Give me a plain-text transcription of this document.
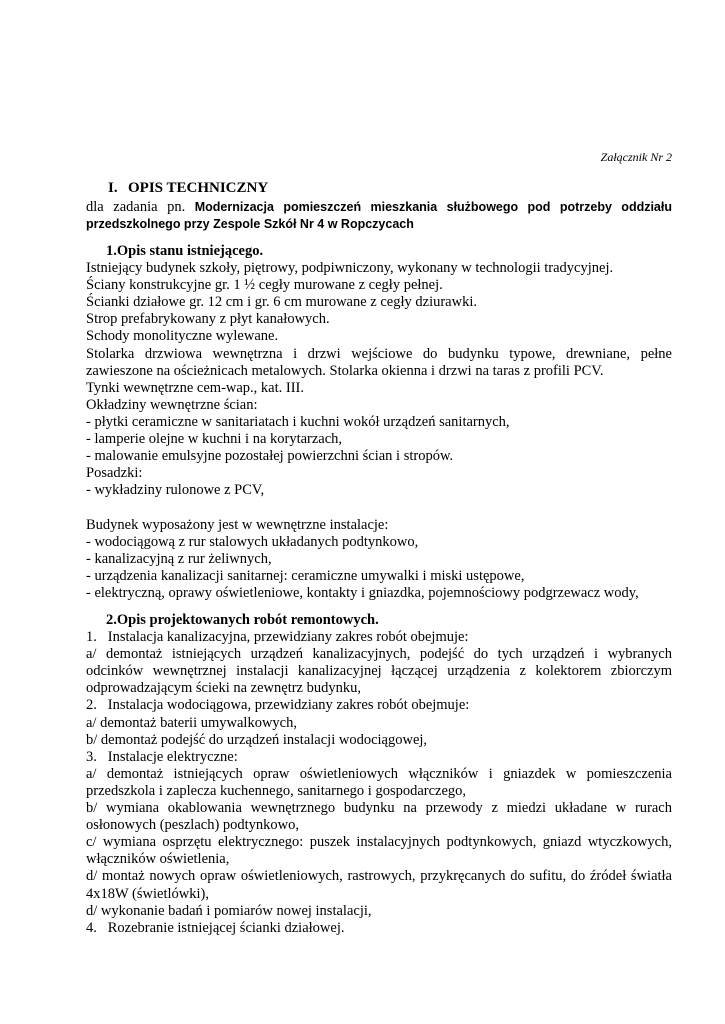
Załącznik Nr 2
I. OPIS TECHNICZNY
dla zadania pn. Modernizacja pomieszczeń mieszkania służbowego pod potrzeby oddziału
przedszkolnego przy Zespole Szkół Nr 4 w Ropczycach
1.Opis stanu istniejącego.
Istniejący budynek szkoły, piętrowy, podpiwniczony, wykonany w technologii tradycyjnej.
Ściany konstrukcyjne gr. 1 ½ cegły murowane z cegły pełnej.
Ścianki działowe gr. 12 cm i gr. 6 cm murowane z cegły dziurawki.
Strop prefabrykowany z płyt kanałowych.
Schody monolityczne wylewane.
Stolarka drzwiowa wewnętrzna i drzwi wejściowe do budynku typowe, drewniane, pełne
zawieszone na ościeżnicach metalowych. Stolarka okienna i drzwi na taras z profili PCV.
Tynki wewnętrzne cem-wap., kat. III.
Okładziny wewnętrzne ścian:
- płytki ceramiczne w sanitariatach i kuchni wokół urządzeń sanitarnych,
- lamperie olejne w kuchni i na korytarzach,
- malowanie emulsyjne pozostałej powierzchni ścian i stropów.
Posadzki:
- wykładziny rulonowe z PCV,
Budynek wyposażony jest w wewnętrzne instalacje:
- wodociągową z rur stalowych układanych podtynkowo,
- kanalizacyjną z rur żeliwnych,
- urządzenia kanalizacji sanitarnej: ceramiczne umywalki i miski ustępowe,
- elektryczną, oprawy oświetleniowe, kontakty i gniazdka, pojemnościowy podgrzewacz wody,
2.Opis projektowanych robót remontowych.
1.   Instalacja kanalizacyjna, przewidziany zakres robót obejmuje:
a/ demontaż istniejących urządzeń kanalizacyjnych, podejść do tych urządzeń i wybranych
odcinków wewnętrznej instalacji kanalizacyjnej łączącej urządzenia z kolektorem zbiorczym
odprowadzającym ścieki na zewnętrz budynku,
2.   Instalacja wodociągowa, przewidziany zakres robót obejmuje:
a/ demontaż baterii umywalkowych,
b/ demontaż podejść do urządzeń instalacji wodociągowej,
3.   Instalacje elektryczne:
a/ demontaż istniejących opraw oświetleniowych włączników i gniazdek w pomieszczenia
przedszkola i zaplecza kuchennego, sanitarnego i gospodarczego,
b/ wymiana okablowania wewnętrznego budynku na przewody z miedzi układane w rurach
osłonowych (peszlach) podtynkowo,
c/ wymiana osprzętu elektrycznego: puszek instalacyjnych podtynkowych, gniazd wtyczkowych,
włączników oświetlenia,
d/ montaż nowych opraw oświetleniowych, rastrowych, przykręcanych do sufitu, do źródeł światła
4x18W (świetlówki),
d/ wykonanie badań i pomiarów nowej instalacji,
4.   Rozebranie istniejącej ścianki działowej.
